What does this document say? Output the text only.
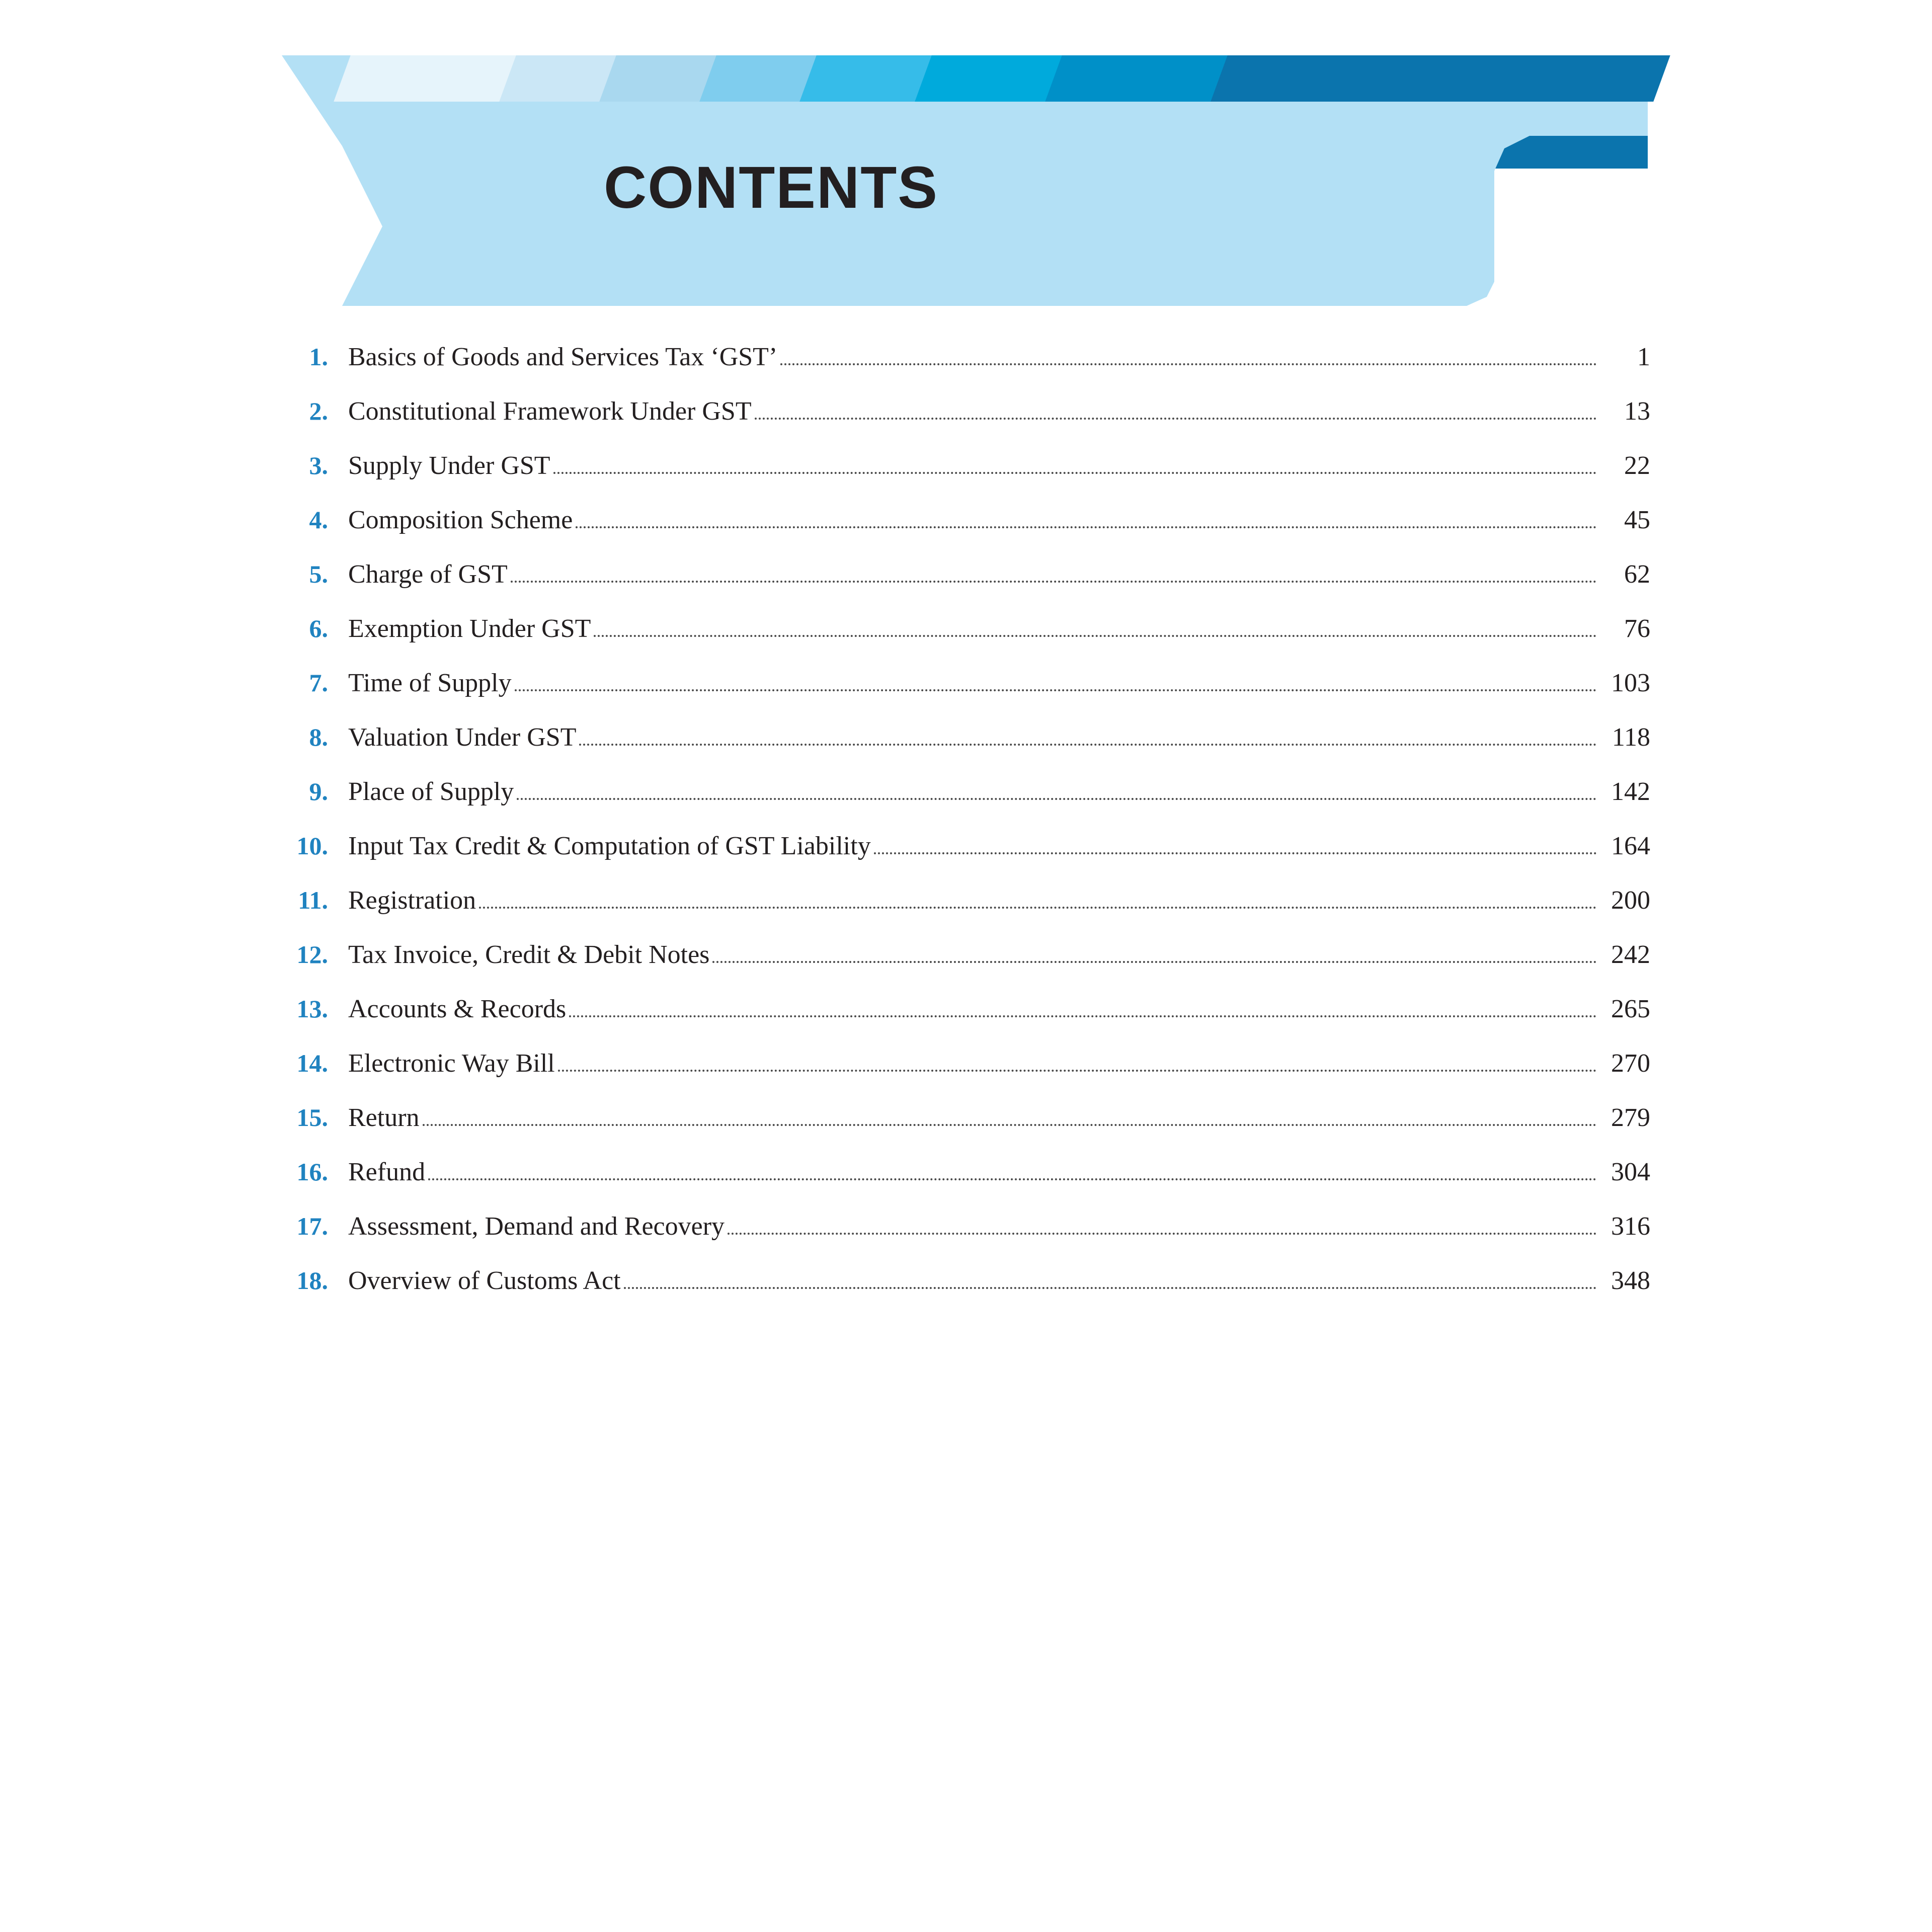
CONTENTS
1. Basics of Goods and Services Tax ‘GST’	1
2. Constitutional Framework Under GST	13
3. Supply Under GST	22
4. Composition Scheme	45
5. Charge of GST	62
6. Exemption Under GST	76
7. Time of Supply	103
8. Valuation Under GST	118
9. Place of Supply	142
10. Input Tax Credit & Computation of GST Liability	164
11. Registration	200
12. Tax Invoice, Credit & Debit Notes	242
13. Accounts & Records	265
14. Electronic Way Bill	270
15. Return	279
16. Refund	304
17. Assessment, Demand and Recovery	316
18. Overview of Customs Act	348
